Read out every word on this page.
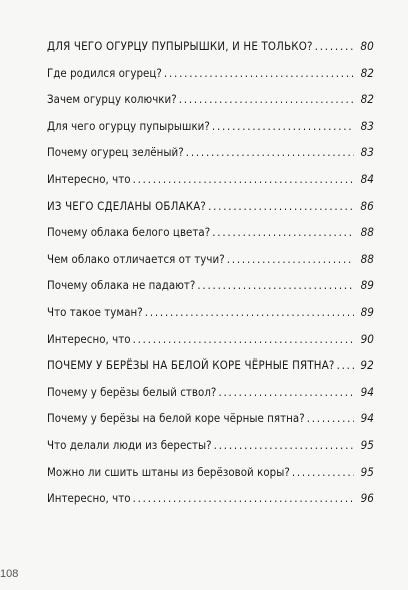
ДЛЯ ЧЕГО ОГУРЦУ ПУПЫРЫШКИ, И НЕ ТОЛЬКО? .....	80
Где родился огурец? .....	82
Зачем огурцу колючки? .....	82
Для чего огурцу пупырышки? .....	83
Почему огурец зелёный? .....	83
Интересно, что .....	84
ИЗ ЧЕГО СДЕЛАНЫ ОБЛАКА? .....	86
Почему облака белого цвета? .....	88
Чем облако отличается от тучи? .....	88
Почему облака не падают? .....	89
Что такое туман? .....	89
Интересно, что .....	90
ПОЧЕМУ У БЕРЁЗЫ НА БЕЛОЙ КОРЕ ЧЁРНЫЕ ПЯТНА? .....	92
Почему у берёзы белый ствол? .....	94
Почему у берёзы на белой коре чёрные пятна? .....	94
Что делали люди из бересты? .....	95
Можно ли сшить штаны из берёзовой коры? .....	95
Интересно, что .....	96
108
